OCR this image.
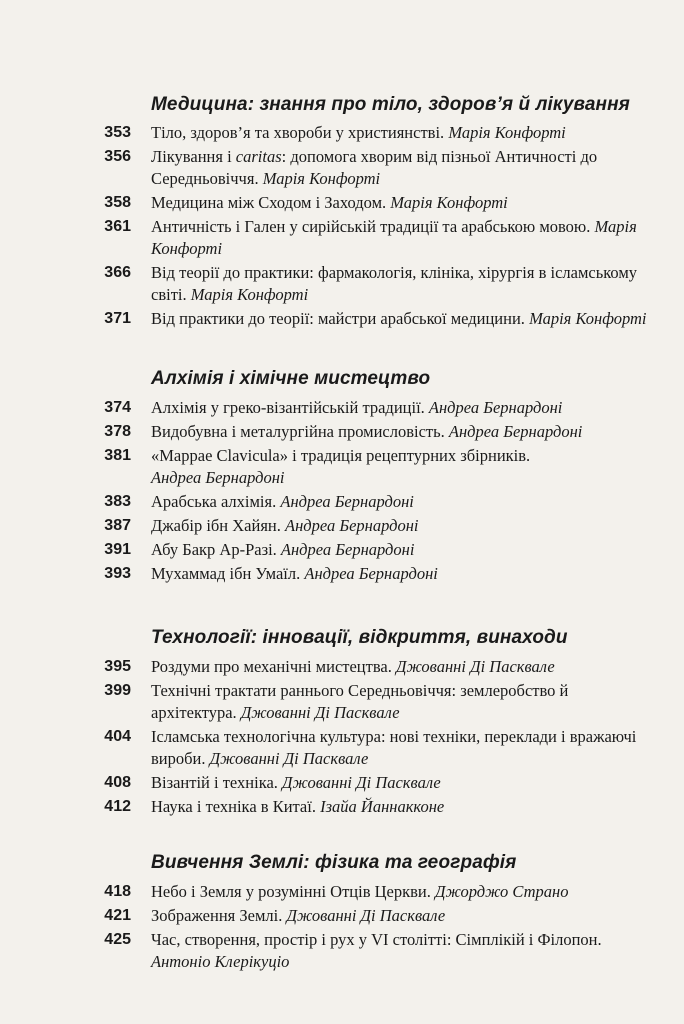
Медицина: знання про тіло, здоров’я й лікування
353 Тіло, здоров’я та хвороби у християнстві. Марія Конфорті
356 Лікування і caritas: допомога хворим від пізньої Античності до Середньовіччя. Марія Конфорті
358 Медицина між Сходом і Заходом. Марія Конфорті
361 Античність і Гален у сирійській традиції та арабською мовою. Марія Конфорті
366 Від теорії до практики: фармакологія, клініка, хірургія в ісламському світі. Марія Конфорті
371 Від практики до теорії: майстри арабської медицини. Марія Конфорті
Алхімія і хімічне мистецтво
374 Алхімія у греко-візантійській традиції. Андреа Бернардоні
378 Видобувна і металургійна промисловість. Андреа Бернардоні
381 «Маррае Clavicula» і традиція рецептурних збірників. Андреа Бернардоні
383 Арабська алхімія. Андреа Бернардоні
387 Джабір ібн Хайян. Андреа Бернардоні
391 Абу Бакр Ар-Разі. Андреа Бернардоні
393 Мухаммад ібн Умаїл. Андреа Бернардоні
Технології: інновації, відкриття, винаходи
395 Роздуми про механічні мистецтва. Джованні Ді Пасквале
399 Технічні трактати раннього Середньовіччя: землеробство й архітектура. Джованні Ді Пасквале
404 Ісламська технологічна культура: нові техніки, переклади і вражаючі вироби. Джованні Ді Пасквале
408 Візантій і техніка. Джованні Ді Пасквале
412 Наука і техніка в Китаї. Ізайа Йаннакконе
Вивчення Землі: фізика та географія
418 Небо і Земля у розумінні Отців Церкви. Джорджо Страно
421 Зображення Землі. Джованні Ді Пасквале
425 Час, створення, простір і рух у VI столітті: Сімплікій і Філопон. Антоніо Клерікуціо
